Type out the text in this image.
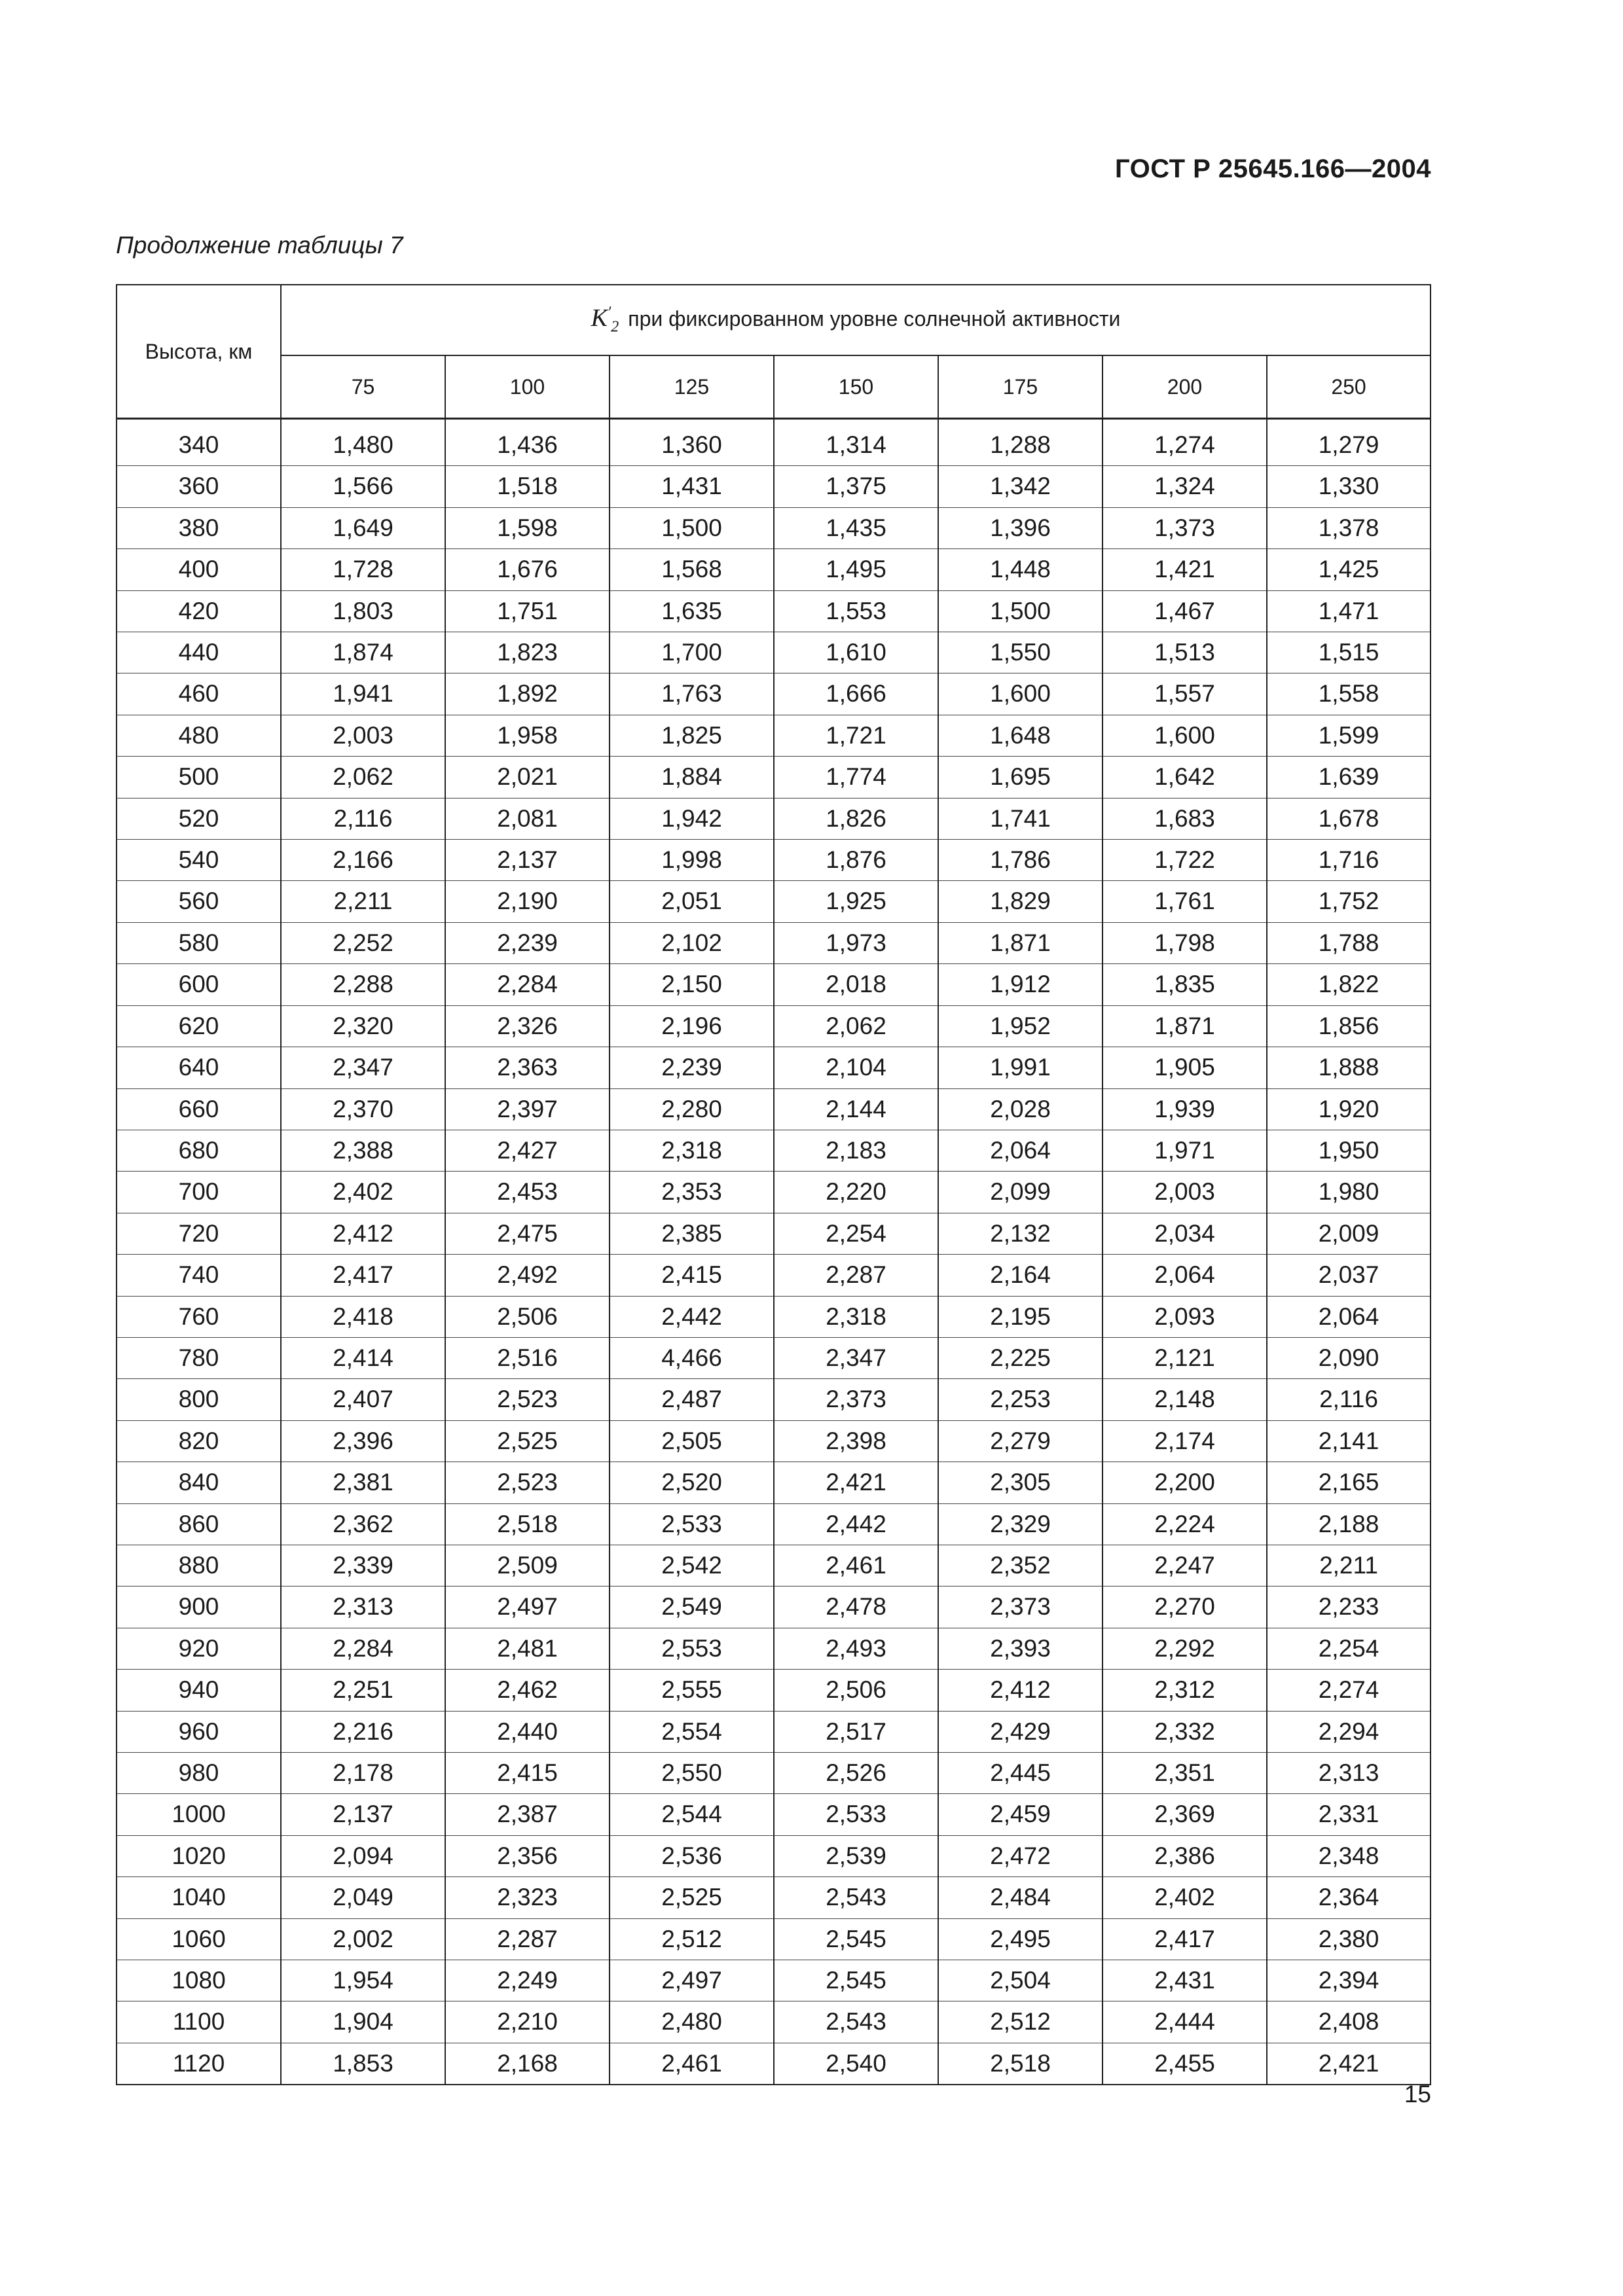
ГОСТ Р 25645.166—2004
Продолжение таблицы 7
Высота, км	$K'_2$ при фиксированном уровне солнечной активности						
	75	100	125	150	175	200	250
340	1,480	1,436	1,360	1,314	1,288	1,274	1,279
360	1,566	1,518	1,431	1,375	1,342	1,324	1,330
380	1,649	1,598	1,500	1,435	1,396	1,373	1,378
400	1,728	1,676	1,568	1,495	1,448	1,421	1,425
420	1,803	1,751	1,635	1,553	1,500	1,467	1,471
440	1,874	1,823	1,700	1,610	1,550	1,513	1,515
460	1,941	1,892	1,763	1,666	1,600	1,557	1,558
480	2,003	1,958	1,825	1,721	1,648	1,600	1,599
500	2,062	2,021	1,884	1,774	1,695	1,642	1,639
520	2,116	2,081	1,942	1,826	1,741	1,683	1,678
540	2,166	2,137	1,998	1,876	1,786	1,722	1,716
560	2,211	2,190	2,051	1,925	1,829	1,761	1,752
580	2,252	2,239	2,102	1,973	1,871	1,798	1,788
600	2,288	2,284	2,150	2,018	1,912	1,835	1,822
620	2,320	2,326	2,196	2,062	1,952	1,871	1,856
640	2,347	2,363	2,239	2,104	1,991	1,905	1,888
660	2,370	2,397	2,280	2,144	2,028	1,939	1,920
680	2,388	2,427	2,318	2,183	2,064	1,971	1,950
700	2,402	2,453	2,353	2,220	2,099	2,003	1,980
720	2,412	2,475	2,385	2,254	2,132	2,034	2,009
740	2,417	2,492	2,415	2,287	2,164	2,064	2,037
760	2,418	2,506	2,442	2,318	2,195	2,093	2,064
780	2,414	2,516	4,466	2,347	2,225	2,121	2,090
800	2,407	2,523	2,487	2,373	2,253	2,148	2,116
820	2,396	2,525	2,505	2,398	2,279	2,174	2,141
840	2,381	2,523	2,520	2,421	2,305	2,200	2,165
860	2,362	2,518	2,533	2,442	2,329	2,224	2,188
880	2,339	2,509	2,542	2,461	2,352	2,247	2,211
900	2,313	2,497	2,549	2,478	2,373	2,270	2,233
920	2,284	2,481	2,553	2,493	2,393	2,292	2,254
940	2,251	2,462	2,555	2,506	2,412	2,312	2,274
960	2,216	2,440	2,554	2,517	2,429	2,332	2,294
980	2,178	2,415	2,550	2,526	2,445	2,351	2,313
1000	2,137	2,387	2,544	2,533	2,459	2,369	2,331
1020	2,094	2,356	2,536	2,539	2,472	2,386	2,348
1040	2,049	2,323	2,525	2,543	2,484	2,402	2,364
1060	2,002	2,287	2,512	2,545	2,495	2,417	2,380
1080	1,954	2,249	2,497	2,545	2,504	2,431	2,394
1100	1,904	2,210	2,480	2,543	2,512	2,444	2,408
1120	1,853	2,168	2,461	2,540	2,518	2,455	2,421
15
